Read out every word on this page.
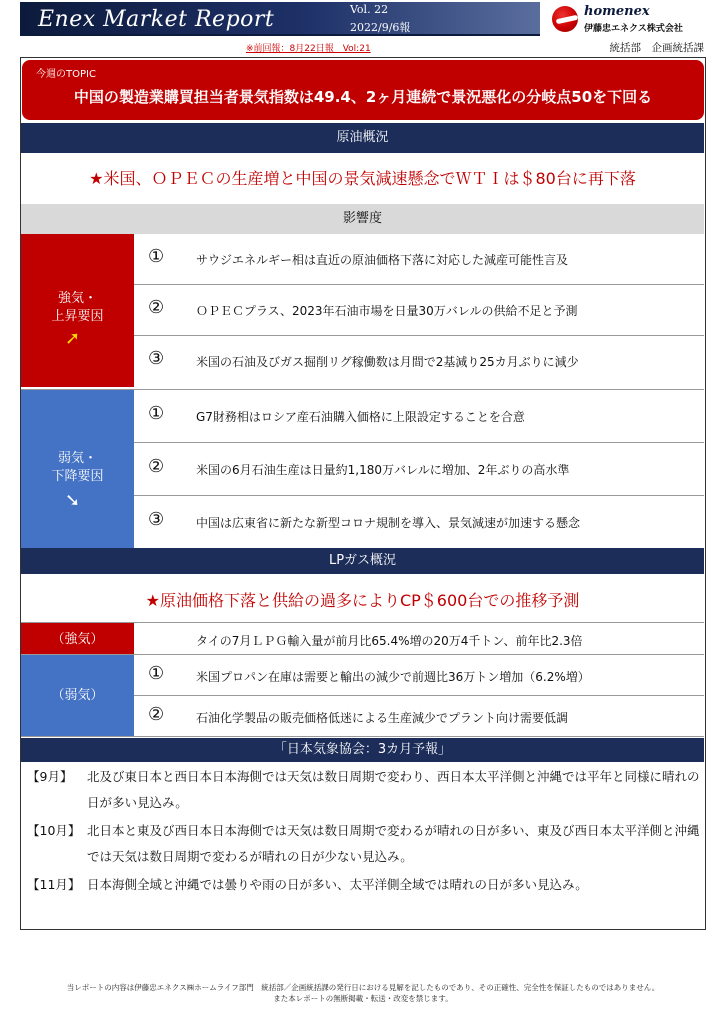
Enex Market Report	Vol. 22
2022/9/6報
homenex
伊藤忠エネクス株式会社
※前回報：8月22日報　Vol:21	統括部　企画統括課
今週のTOPIC
中国の製造業購買担当者景気指数は49.4、2ヶ月連続で景況悪化の分岐点50を下回る
原油概況
★米国、ＯＰＥＣの生産増と中国の景気減速懸念でＷＴＩは＄80台に再下落
影響度
強気・
上昇要因
➚
①	サウジエネルギー相は直近の原油価格下落に対応した減産可能性言及
②	ＯＰＥＣプラス、2023年石油市場を日量30万バレルの供給不足と予測
③	米国の石油及びガス掘削リグ稼働数は月間で2基減り25カ月ぶりに減少
弱気・
下降要因
➘
①	G7財務相はロシア産石油購入価格に上限設定することを合意
②	米国の6月石油生産は日量約1,180万バレルに増加、2年ぶりの高水準
③	中国は広東省に新たな新型コロナ規制を導入、景気減速が加速する懸念
LPガス概況
★原油価格下落と供給の過多によりCP＄600台での推移予測
（強気）	タイの7月ＬＰＧ輸入量が前月比65.4%増の20万4千トン、前年比2.3倍
（弱気）
①	米国プロパン在庫は需要と輸出の減少で前週比36万トン増加（6.2%増）
②	石油化学製品の販売価格低迷による生産減少でプラント向け需要低調
「日本気象協会：3カ月予報」
【9月】 北及び東日本と西日本日本海側では天気は数日周期で変わり、西日本太平洋側と沖縄では平年と同様に晴れの日が多い見込み。
【10月】 北日本と東及び西日本日本海側では天気は数日周期で変わるが晴れの日が多い、東及び西日本太平洋側と沖縄では天気は数日周期で変わるが晴れの日が少ない見込み。
【11月】 日本海側全域と沖縄では曇りや雨の日が多い、太平洋側全域では晴れの日が多い見込み。
当レポートの内容は伊藤忠エネクス㈱ホームライフ部門　統括部／企画統括課の発行日における見解を記したものであり、その正確性、完全性を保証したものではありません。
また本レポートの無断掲載・転送・改変を禁じます。
